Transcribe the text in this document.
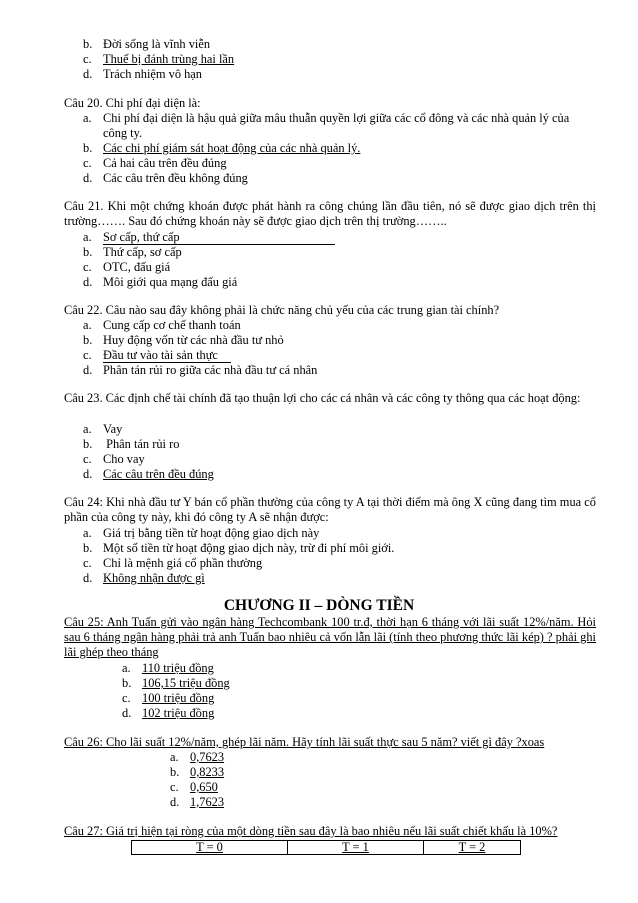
b. Đời sống là vĩnh viễn
c. Thuế bị đánh trùng hai lần
d. Trách nhiệm vô hạn
Câu 20. Chi phí đại diện là:
a. Chi phí đại diện là hậu quả giữa mâu thuẫn quyền lợi giữa các cổ đông và các nhà quản lý của
công ty.
b. Các chi phí giám sát hoạt động của các nhà quản lý.
c. Cả hai câu trên đều đúng
d. Các câu trên đều không đúng
Câu 21. Khi một chứng khoán được phát hành ra công chúng lần đầu tiên, nó sẽ được giao dịch trên thị trường……. Sau đó chứng khoán này sẽ được giao dịch trên thị trường……..
a. Sơ cấp, thứ cấp
b. Thứ cấp, sơ cấp
c. OTC, đấu giá
d. Môi giới qua mạng đấu giá
Câu 22. Câu nào sau đây không phải là chức năng chủ yếu của các trung gian tài chính?
a. Cung cấp cơ chế thanh toán
b. Huy động vốn từ các nhà đầu tư nhỏ
c. Đầu tư vào tài sản thực
d. Phân tán rủi ro giữa các nhà đầu tư cá nhân
Câu 23. Các định chế tài chính đã tạo thuận lợi cho các cá nhân và các công ty thông qua các hoạt động:
a. Vay
b. Phân tán rủi ro
c. Cho vay
d. Các câu trên đều đúng
Câu 24: Khi nhà đầu tư Y bán cổ phần thường của công ty A tại thời điểm mà ông X cũng đang tìm mua cổ phần của công ty này, khi đó công ty A sẽ nhận được:
a. Giá trị bằng tiền từ hoạt động giao dịch này
b. Một số tiền từ hoạt động giao dịch này, trừ đi phí môi giới.
c. Chỉ là mệnh giá cổ phần thường
d. Không nhận được gì
CHƯƠNG II – DÒNG TIỀN
Câu 25: Anh Tuấn gửi vào ngân hàng Techcombank 100 tr.đ, thời hạn 6 tháng với lãi suất 12%/năm. Hỏi sau 6 tháng ngân hàng phải trả anh Tuấn bao nhiêu cả vốn lẫn lãi (tính theo phương thức lãi kép) ? phải ghi lãi ghép theo tháng
a. 110 triệu đồng
b. 106,15 triệu đồng
c. 100 triệu đồng
d. 102 triệu đồng
Câu 26: Cho lãi suất 12%/năm, ghép lãi năm. Hãy tính lãi suất thực sau 5 năm? viết gì đây ?xoas
a. 0,7623
b. 0,8233
c. 0,650
d. 1,7623
Câu 27: Giá trị hiện tại ròng của một dòng tiền sau đây là bao nhiêu nếu lãi suất chiết khấu là 10%?
T = 0	T = 1	T = 2
